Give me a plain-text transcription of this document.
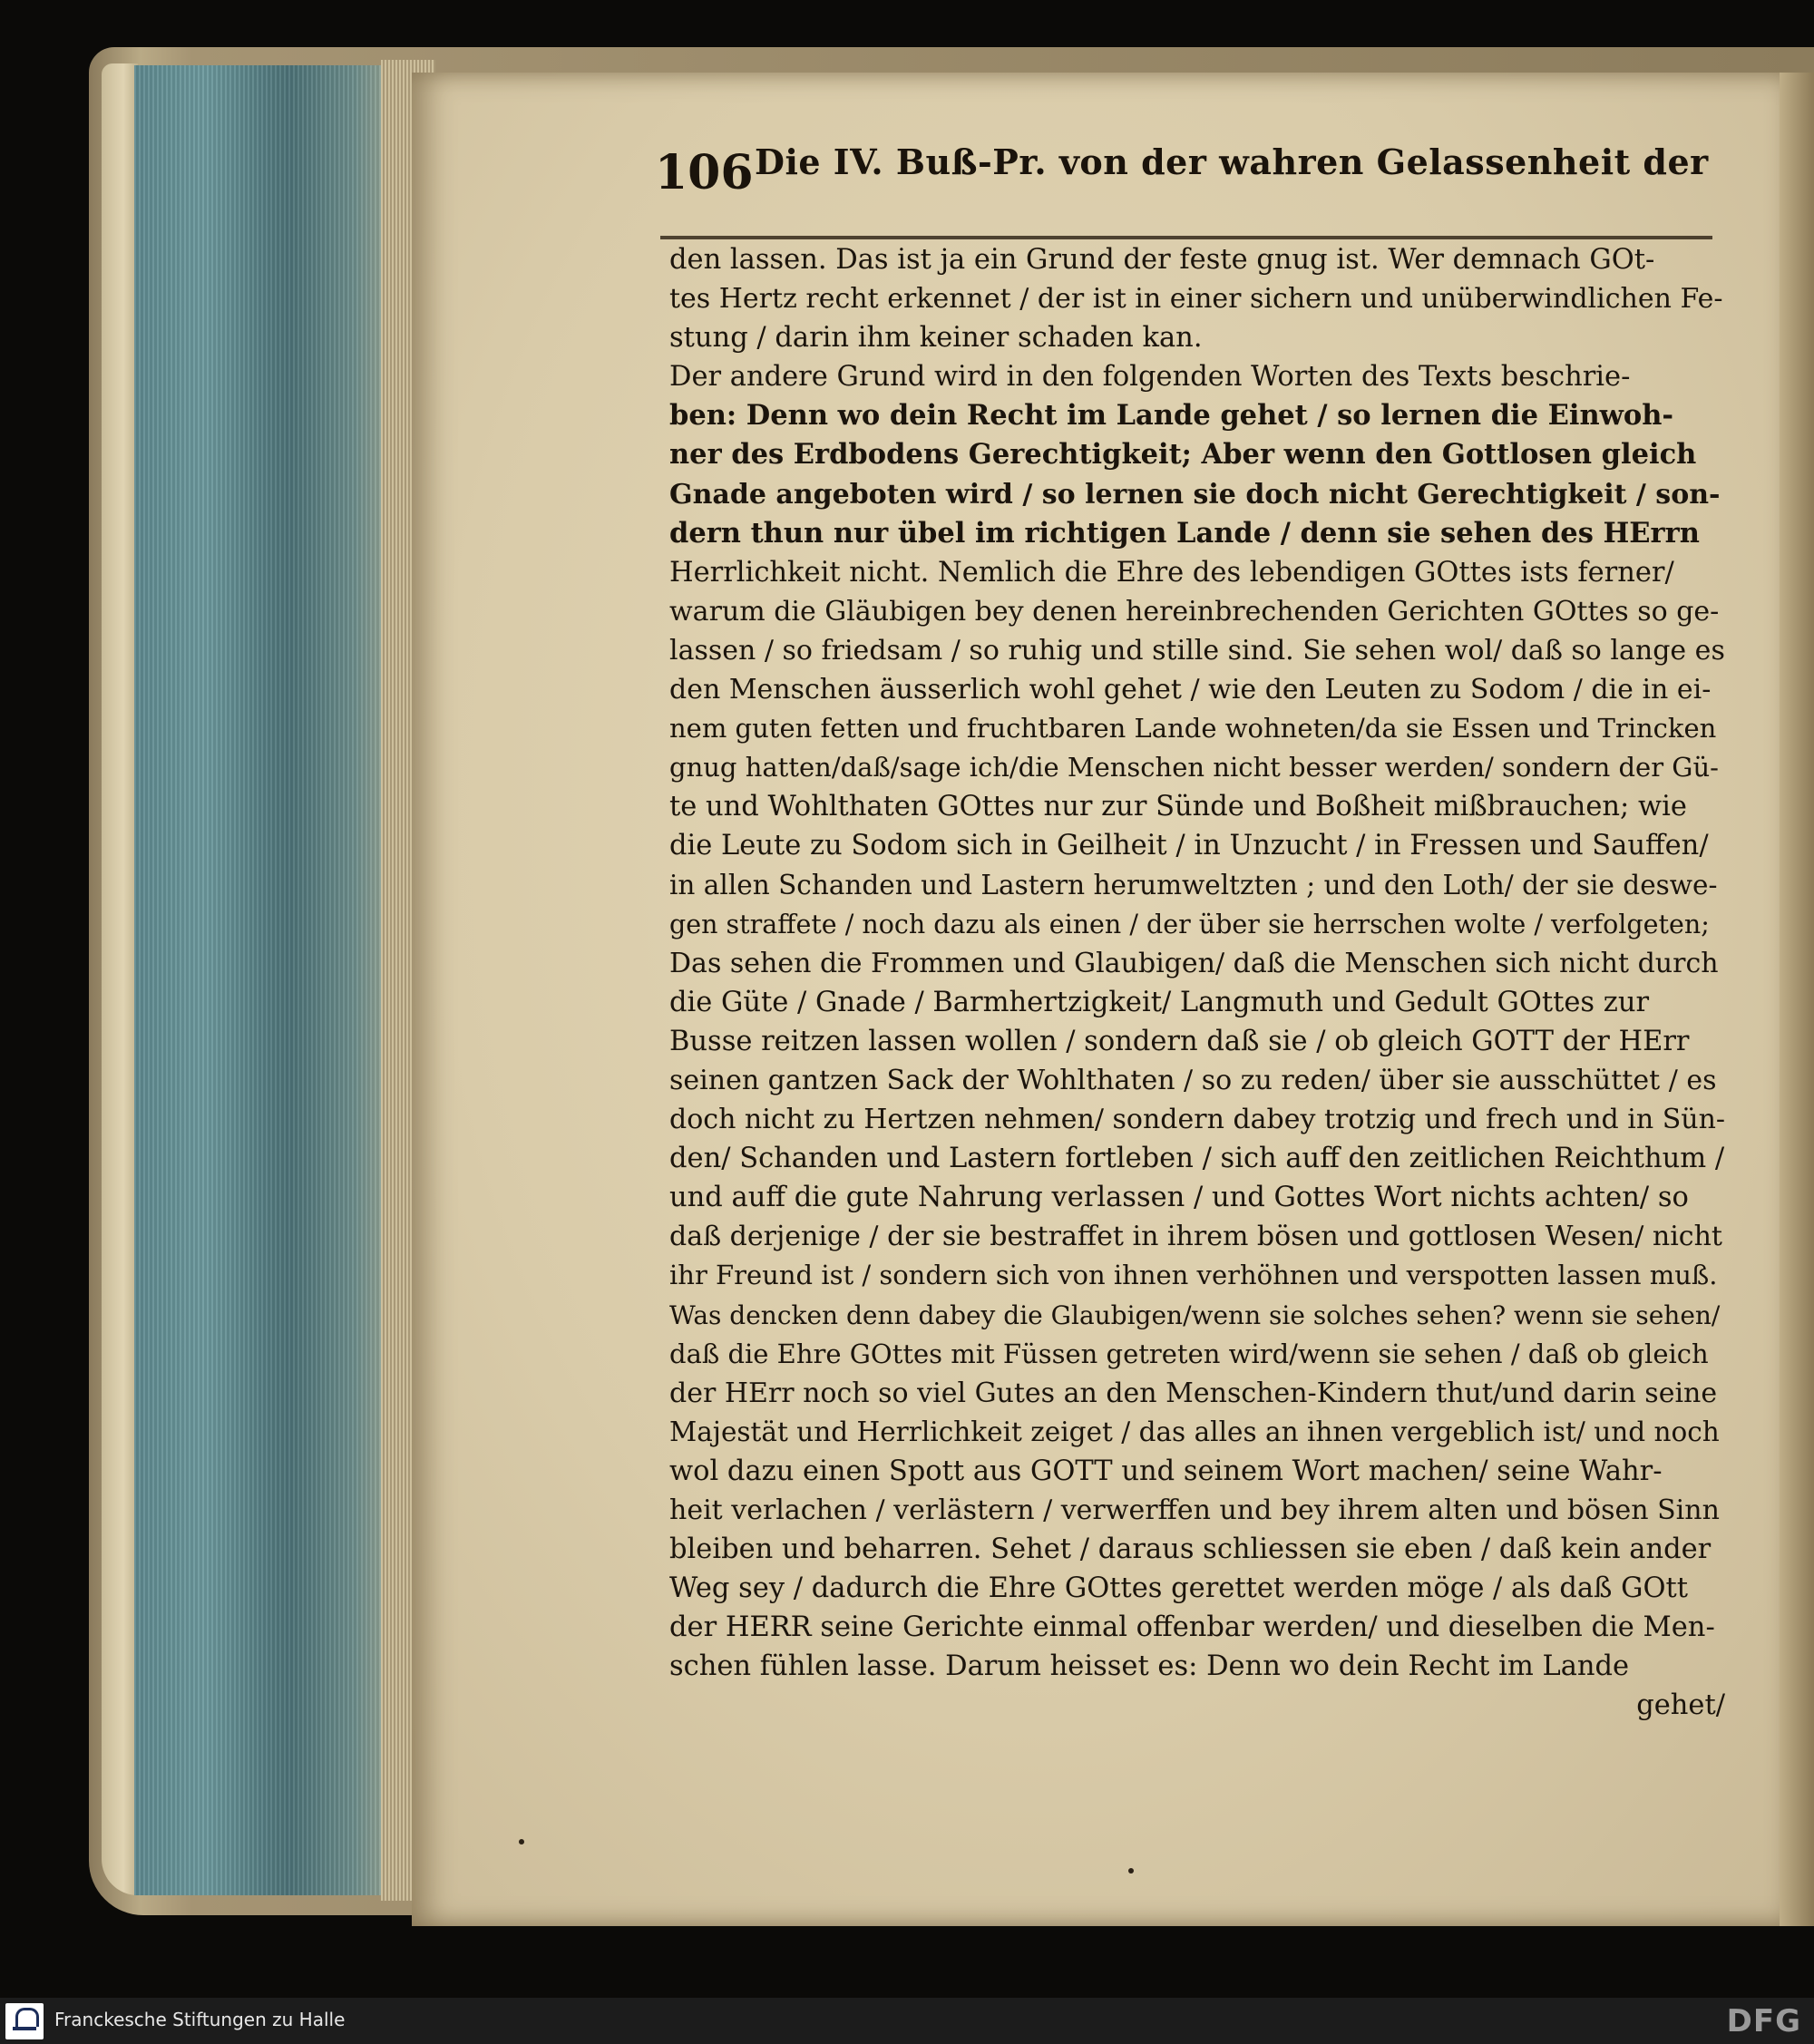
106 Die IV. Buß-Pr. von der wahren Gelassenheit der
den lassen. Das ist ja ein Grund der feste gnug ist. Wer demnach GOt-
tes Hertz recht erkennet / der ist in einer sichern und unüberwindlichen Fe-
stung / darin ihm keiner schaden kan.
Der andere Grund wird in den folgenden Worten des Texts beschrie-
ben: Denn wo dein Recht im Lande gehet / so lernen die Einwoh-
ner des Erdbodens Gerechtigkeit; Aber wenn den Gottlosen gleich
Gnade angeboten wird / so lernen sie doch nicht Gerechtigkeit / son-
dern thun nur übel im richtigen Lande / denn sie sehen des HErrn
Herrlichkeit nicht. Nemlich die Ehre des lebendigen GOttes ists ferner/
warum die Gläubigen bey denen hereinbrechenden Gerichten GOttes so ge-
lassen / so friedsam / so ruhig und stille sind. Sie sehen wol/ daß so lange es
den Menschen äusserlich wohl gehet / wie den Leuten zu Sodom / die in ei-
nem guten fetten und fruchtbaren Lande wohneten/da sie Essen und Trincken
gnug hatten/daß/sage ich/die Menschen nicht besser werden/ sondern der Gü-
te und Wohlthaten GOttes nur zur Sünde und Boßheit mißbrauchen; wie
die Leute zu Sodom sich in Geilheit / in Unzucht / in Fressen und Sauffen/
in allen Schanden und Lastern herumweltzten ; und den Loth/ der sie deswe-
gen straffete / noch dazu als einen / der über sie herrschen wolte / verfolgeten;
Das sehen die Frommen und Glaubigen/ daß die Menschen sich nicht durch
die Güte / Gnade / Barmhertzigkeit/ Langmuth und Gedult GOttes zur
Busse reitzen lassen wollen / sondern daß sie / ob gleich GOTT der HErr
seinen gantzen Sack der Wohlthaten / so zu reden/ über sie ausschüttet / es
doch nicht zu Hertzen nehmen/ sondern dabey trotzig und frech und in Sün-
den/ Schanden und Lastern fortleben / sich auff den zeitlichen Reichthum /
und auff die gute Nahrung verlassen / und Gottes Wort nichts achten/ so
daß derjenige / der sie bestraffet in ihrem bösen und gottlosen Wesen/ nicht
ihr Freund ist / sondern sich von ihnen verhöhnen und verspotten lassen muß.
Was dencken denn dabey die Glaubigen/wenn sie solches sehen? wenn sie sehen/
daß die Ehre GOttes mit Füssen getreten wird/wenn sie sehen / daß ob gleich
der HErr noch so viel Gutes an den Menschen-Kindern thut/und darin seine
Majestät und Herrlichkeit zeiget / das alles an ihnen vergeblich ist/ und noch
wol dazu einen Spott aus GOTT und seinem Wort machen/ seine Wahr-
heit verlachen / verlästern / verwerffen und bey ihrem alten und bösen Sinn
bleiben und beharren. Sehet / daraus schliessen sie eben / daß kein ander
Weg sey / dadurch die Ehre GOttes gerettet werden möge / als daß GOtt
der HERR seine Gerichte einmal offenbar werden/ und dieselben die Men-
schen fühlen lasse. Darum heisset es: Denn wo dein Recht im Lande
gehet/
Franckesche Stiftungen zu Halle	DFG
